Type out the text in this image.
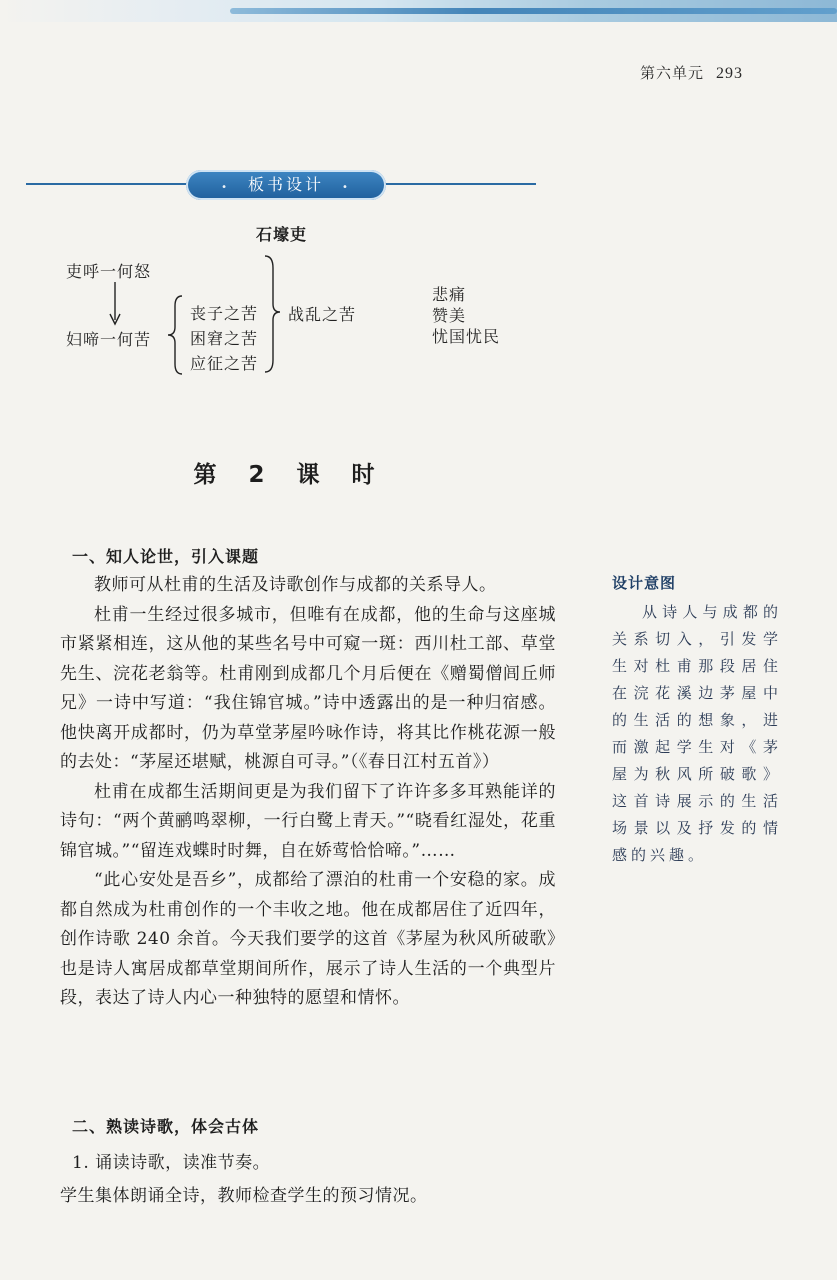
第六单元 293
• 板书设计 •
石壕吏
吏呼一何怒
妇啼一何苦
丧子之苦
困窘之苦
应征之苦
战乱之苦
悲痛
赞美
忧国忧民
第 2 课 时
一、知人论世，引入课题

教师可从杜甫的生活及诗歌创作与成都的关系导人。

杜甫一生经过很多城市，但唯有在成都，他的生命与这座城市紧紧相连，这从他的某些名号中可窥一斑：西川杜工部、草堂先生、浣花老翁等。杜甫刚到成都几个月后便在《赠蜀僧闾丘师兄》一诗中写道：“我住锦官城。”诗中透露出的是一种归宿感。他快离开成都时，仍为草堂茅屋吟咏作诗，将其比作桃花源一般的去处：“茅屋还堪赋，桃源自可寻。”（《春日江村五首》）

杜甫在成都生活期间更是为我们留下了许许多多耳熟能详的诗句：“两个黄鹂鸣翠柳，一行白鹭上青天。”“晓看红湿处，花重锦官城。”“留连戏蝶时时舞，自在娇莺恰恰啼。”……

“此心安处是吾乡”，成都给了漂泊的杜甫一个安稳的家。成都自然成为杜甫创作的一个丰收之地。他在成都居住了近四年，创作诗歌 240 余首。今天我们要学的这首《茅屋为秋风所破歌》也是诗人寓居成都草堂期间所作，展示了诗人生活的一个典型片段，表达了诗人内心一种独特的愿望和情怀。

设计意图

从诗人与成都的关系切入，引发学生对杜甫那段居住在浣花溪边茅屋中的生活的想象，进而激起学生对《茅屋为秋风所破歌》这首诗展示的生活场景以及抒发的情感的兴趣。

二、熟读诗歌，体会古体
1. 诵读诗歌，读准节奏。
学生集体朗诵全诗，教师检查学生的预习情况。
